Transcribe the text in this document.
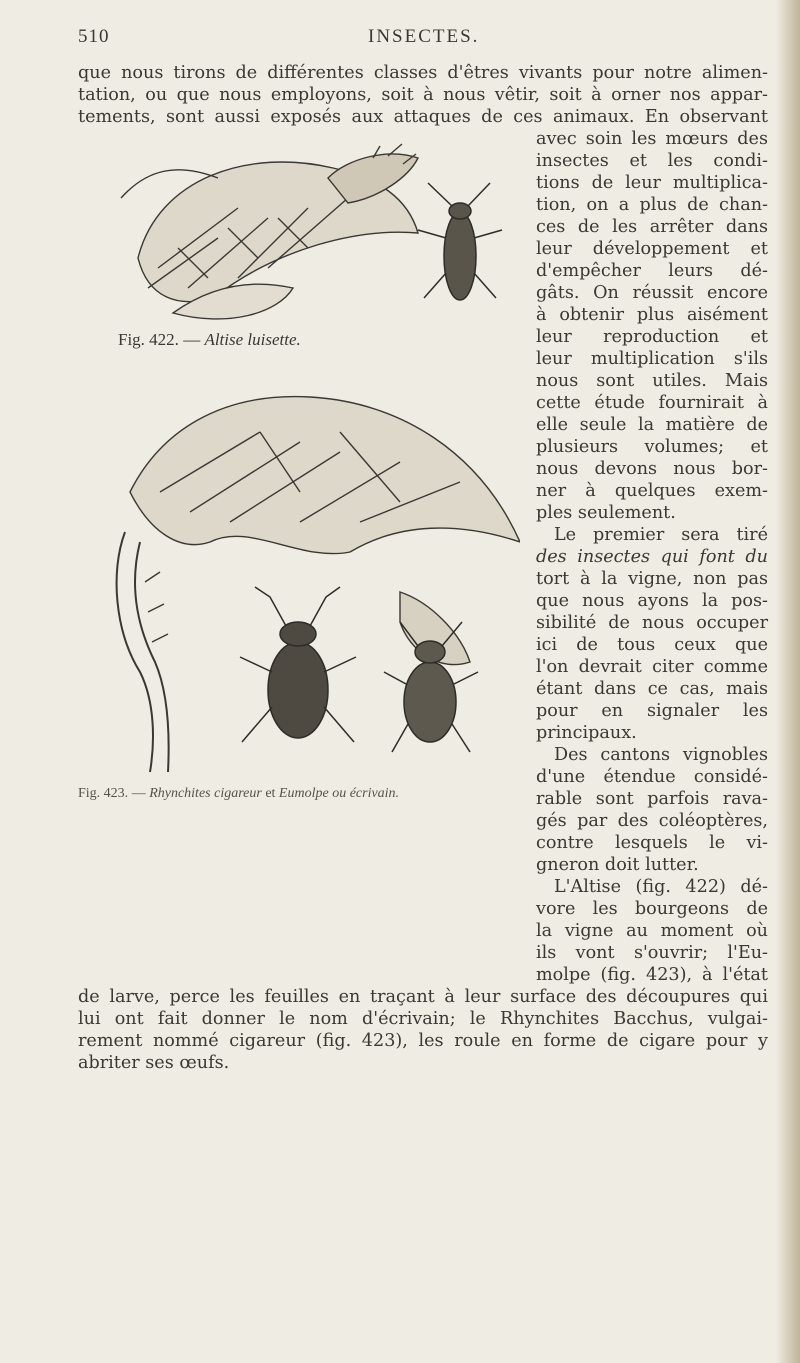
510	INSECTES.
que nous tirons de différentes classes d'êtres vivants pour notre alimen-
tation, ou que nous employons, soit à nous vêtir, soit à orner nos appar-
tements, sont aussi exposés aux attaques de ces animaux. En observant
avec soin les mœurs des
insectes et les condi-
tions de leur multiplica-
tion, on a plus de chan-
ces de les arrêter dans
leur développement et
d'empêcher leurs dé-
gâts. On réussit encore
à obtenir plus aisément
leur reproduction et
leur multiplication s'ils
nous sont utiles. Mais
cette étude fournirait à
elle seule la matière de
plusieurs volumes; et
nous devons nous bor-
ner à quelques exem-
ples seulement.
Le premier sera tiré
des insectes qui font du
tort à la vigne, non pas
que nous ayons la pos-
sibilité de nous occuper
ici de tous ceux que
l'on devrait citer comme
étant dans ce cas, mais
pour en signaler les
principaux.
Des cantons vignobles
d'une étendue considé-
rable sont parfois rava-
gés par des coléoptères,
contre lesquels le vi-
gneron doit lutter.
L'Altise (fig. 422) dé-
vore les bourgeons de
la vigne au moment où
ils vont s'ouvrir; l'Eu-
molpe (fig. 423), à l'état
de larve, perce les feuilles en traçant à leur surface des découpures qui
lui ont fait donner le nom d'écrivain; le Rhynchites Bacchus, vulgai-
rement nommé cigareur (fig. 423), les roule en forme de cigare pour y
abriter ses œufs.
Fig. 422. — Altise luisette.
Fig. 423. — Rhynchites cigareur et Eumolpe ou écrivain.
